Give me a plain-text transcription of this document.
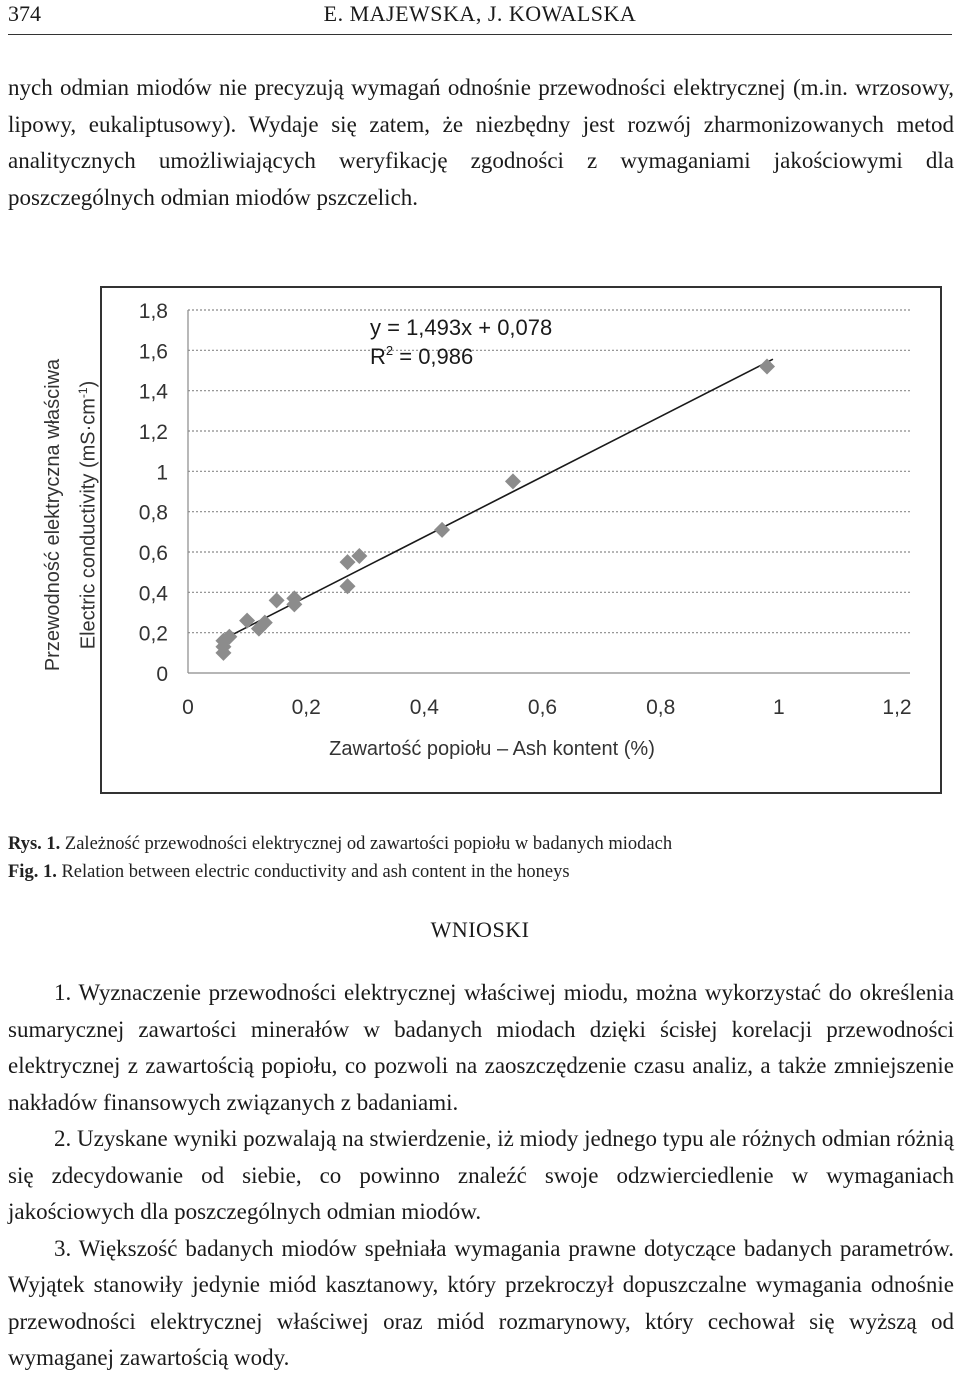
374	E. MAJEWSKA, J. KOWALSKA

nych odmian miodów nie precyzują wymagań odnośnie przewodności elektrycznej (m.in. wrzosowy, lipowy, eukaliptusowy). Wydaje się zatem, że niezbędny jest rozwój zharmonizowanych metod analitycznych umożliwiających weryfikację zgodności z wymaganiami jakościowymi dla poszczególnych odmian miodów pszczelich.

Przewodność elektryczna właściwa Electric conductivity $(mS\cdot cm^{-1})$
0
0,2
0,4
0,6
0,8
1
1,2
1,4
1,6
1,8
0	0,2	0,4	0,6	0,8	1	1,2
y = 1,493x + 0,078
$R^2 = 0,986$
Zawartość popiołu – Ash kontent (%)
Rys. 1. Zależność przewodności elektrycznej od zawartości popiołu w badanych miodach
Fig. 1. Relation between electric conductivity and ash content in the honeys
WNIOSKI

1. Wyznaczenie przewodności elektrycznej właściwej miodu, można wykorzystać do określenia sumarycznej zawartości minerałów w badanych miodach dzięki ścisłej korelacji przewodności elektrycznej z zawartością popiołu, co pozwoli na zaoszczędzenie czasu analiz, a także zmniejszenie nakładów finansowych związanych z badaniami.

2. Uzyskane wyniki pozwalają na stwierdzenie, iż miody jednego typu ale różnych odmian różnią się zdecydowanie od siebie, co powinno znaleźć swoje odzwierciedlenie w wymaganiach jakościowych dla poszczególnych odmian miodów.

3. Większość badanych miodów spełniała wymagania prawne dotyczące badanych parametrów. Wyjątek stanowiły jedynie miód kasztanowy, który przekroczył dopuszczalne wymagania odnośnie przewodności elektrycznej właściwej oraz miód rozmarynowy, który cechował się wyższą od wymaganej zawartością wody.
